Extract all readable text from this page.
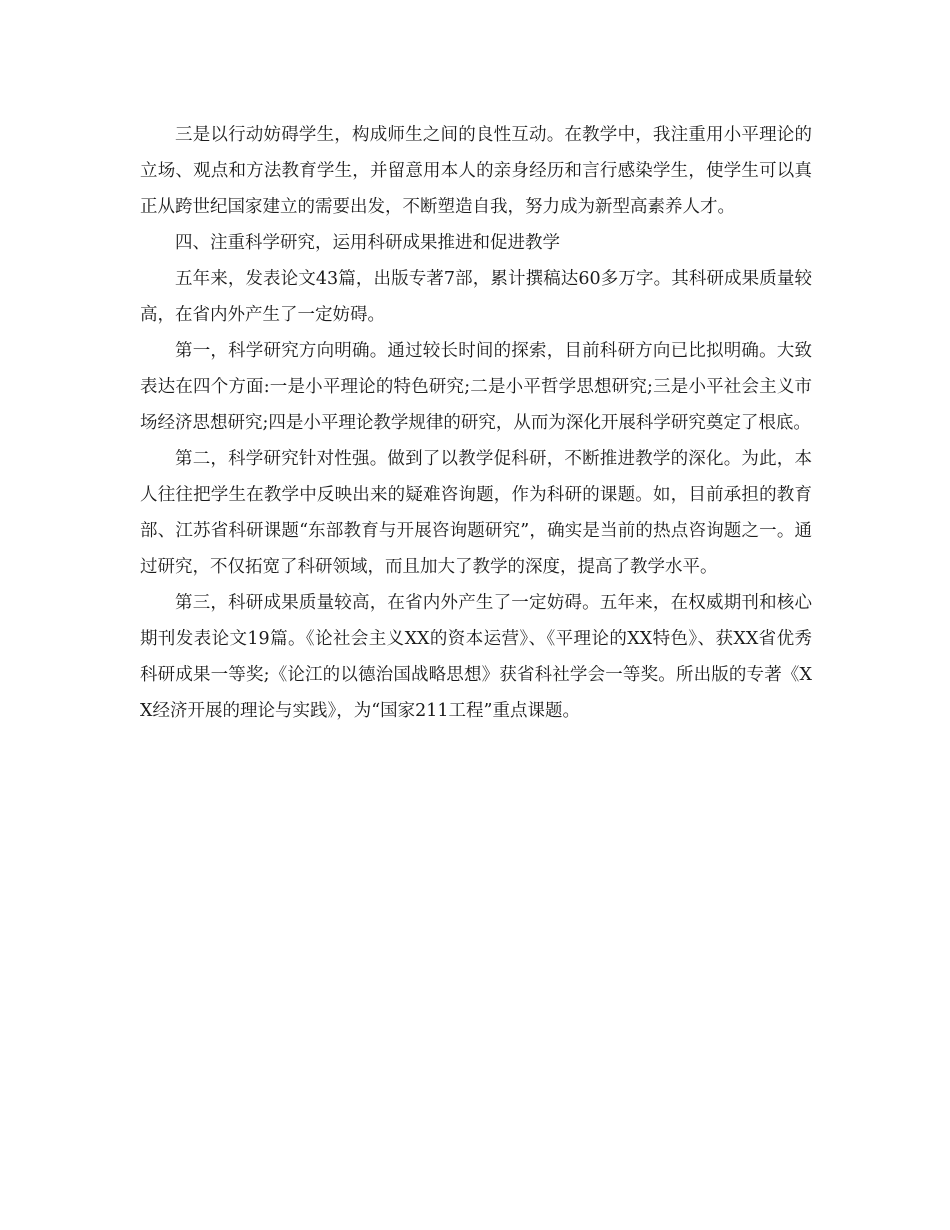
三是以行动妨碍学生，构成师生之间的良性互动。在教学中，我注重用小平理论的立场、观点和方法教育学生，并留意用本人的亲身经历和言行感染学生，使学生可以真正从跨世纪国家建立的需要出发，不断塑造自我，努力成为新型高素养人才。

四、注重科学研究，运用科研成果推进和促进教学

五年来，发表论文43篇，出版专著7部，累计撰稿达60多万字。其科研成果质量较高，在省内外产生了一定妨碍。

第一，科学研究方向明确。通过较长时间的探索，目前科研方向已比拟明确。大致表达在四个方面:一是小平理论的特色研究;二是小平哲学思想研究;三是小平社会主义市场经济思想研究;四是小平理论教学规律的研究，从而为深化开展科学研究奠定了根底。

第二，科学研究针对性强。做到了以教学促科研，不断推进教学的深化。为此，本人往往把学生在教学中反映出来的疑难咨询题，作为科研的课题。如，目前承担的教育部、江苏省科研课题“东部教育与开展咨询题研究”，确实是当前的热点咨询题之一。通过研究，不仅拓宽了科研领域，而且加大了教学的深度，提高了教学水平。

第三，科研成果质量较高，在省内外产生了一定妨碍。五年来，在权威期刊和核心期刊发表论文19篇。《论社会主义XX的资本运营》、《平理论的XX特色》、获XX省优秀科研成果一等奖;《论江的以德治国战略思想》获省科社学会一等奖。所出版的专著《XX经济开展的理论与实践》，为“国家211工程”重点课题。
